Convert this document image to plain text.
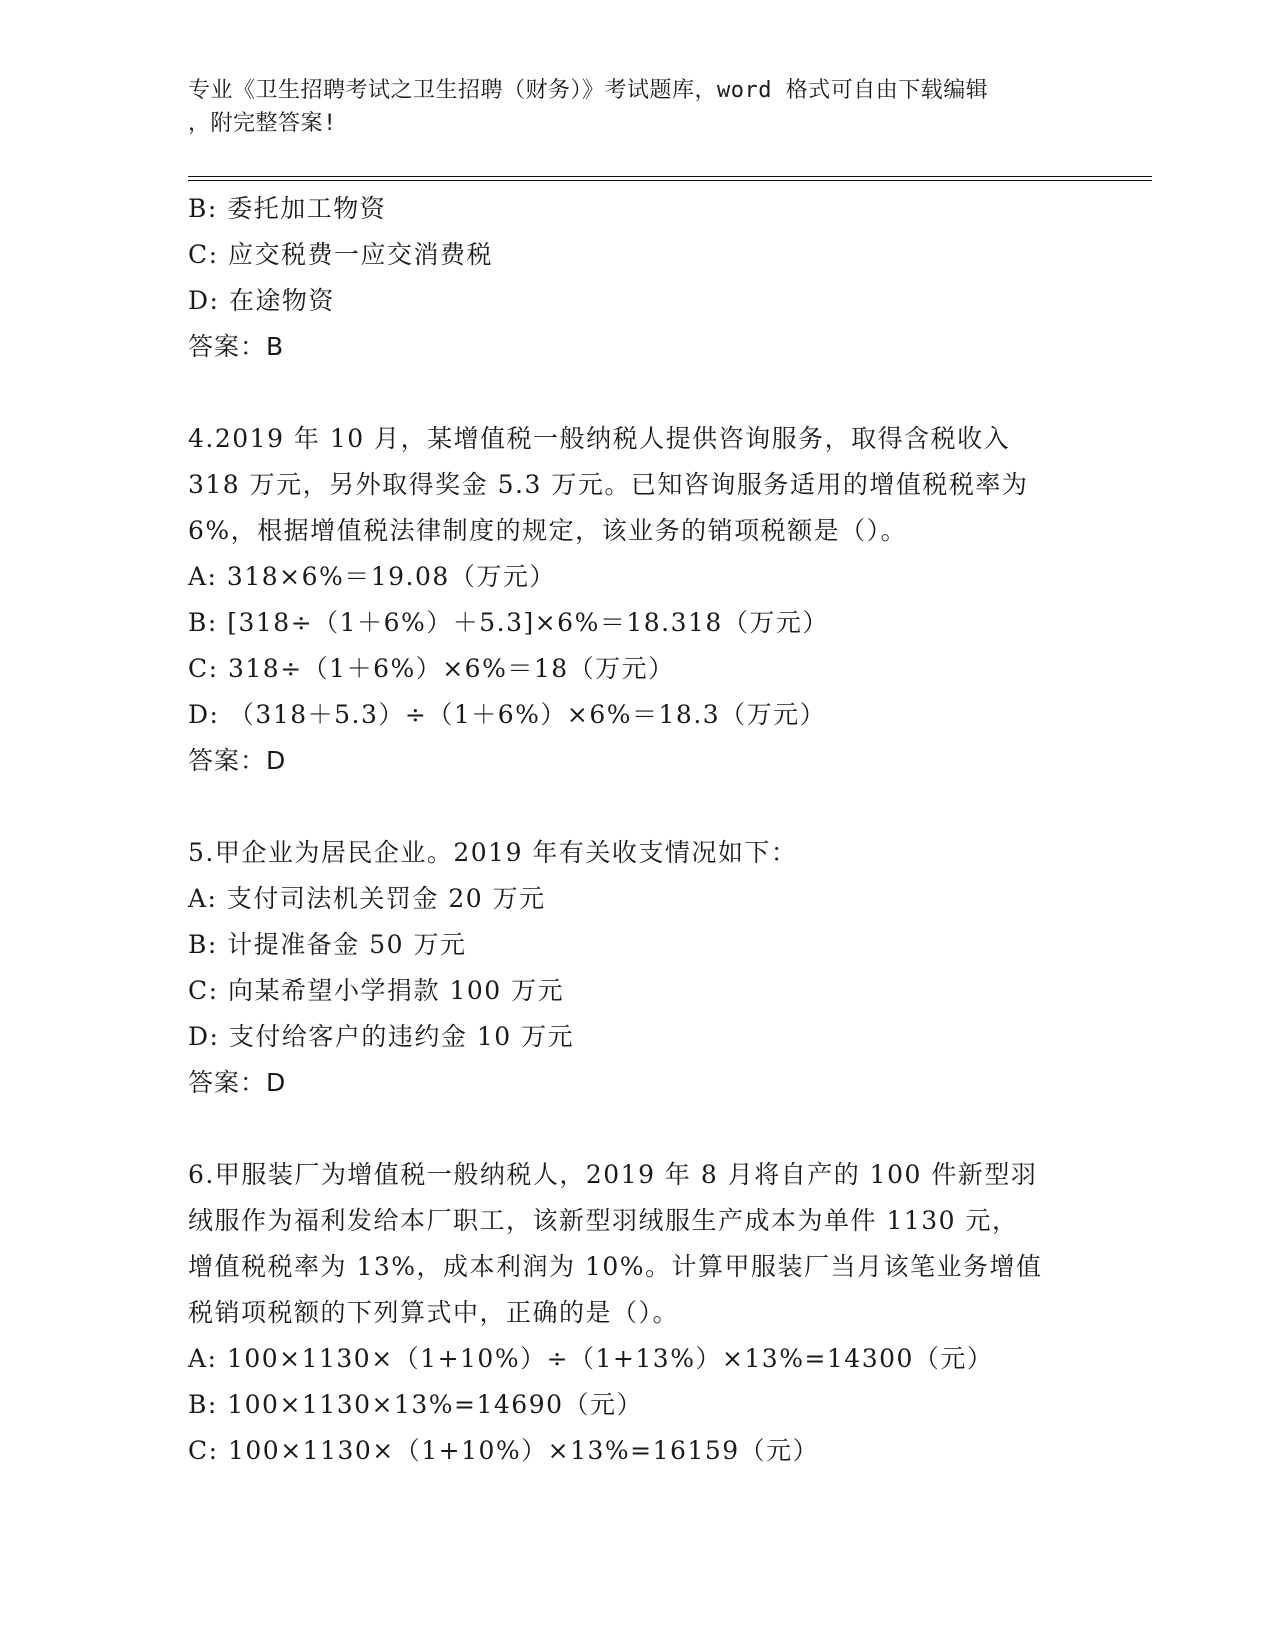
专业《卫生招聘考试之卫生招聘（财务）》考试题库，word 格式可自由下载编辑
，附完整答案!
B: 委托加工物资
C: 应交税费一应交消费税
D: 在途物资
答案：B
4.2019 年 10 月，某增值税一般纳税人提供咨询服务，取得含税收入
318 万元，另外取得奖金 5.3 万元。已知咨询服务适用的增值税税率为
6%，根据增值税法律制度的规定，该业务的销项税额是（）。
A: 318×6%＝19.08（万元）
B: [318÷（1＋6%）＋5.3]×6%＝18.318（万元）
C: 318÷（1＋6%）×6%＝18（万元）
D: （318＋5.3）÷（1＋6%）×6%＝18.3（万元）
答案：D
5.甲企业为居民企业。2019 年有关收支情况如下：
A: 支付司法机关罚金 20 万元
B: 计提准备金 50 万元
C: 向某希望小学捐款 100 万元
D: 支付给客户的违约金 10 万元
答案：D
6.甲服装厂为增值税一般纳税人，2019 年 8 月将自产的 100 件新型羽
绒服作为福利发给本厂职工，该新型羽绒服生产成本为单件 1130 元，
增值税税率为 13%，成本利润为 10%。计算甲服装厂当月该笔业务增值
税销项税额的下列算式中，正确的是（）。
A: 100×1130×（1+10%）÷（1+13%）×13%=14300（元）
B: 100×1130×13%=14690（元）
C: 100×1130×（1+10%）×13%=16159（元）
